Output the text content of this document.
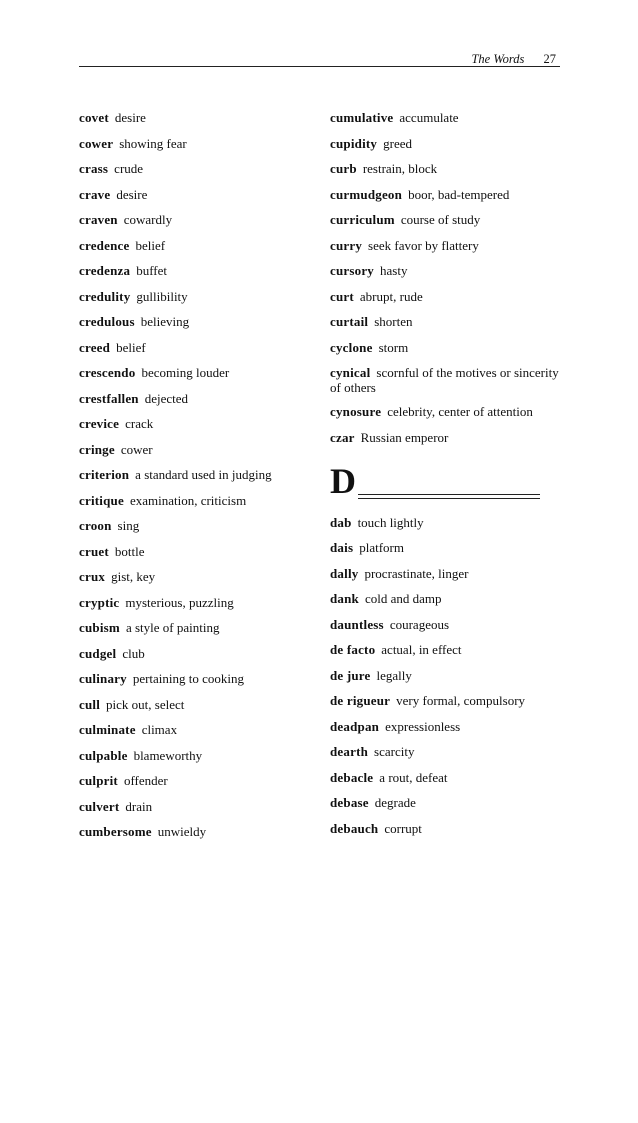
The Words 27
covet desire
cower showing fear
crass crude
crave desire
craven cowardly
credence belief
credenza buffet
credulity gullibility
credulous believing
creed belief
crescendo becoming louder
crestfallen dejected
crevice crack
cringe cower
criterion a standard used in judging
critique examination, criticism
croon sing
cruet bottle
crux gist, key
cryptic mysterious, puzzling
cubism a style of painting
cudgel club
culinary pertaining to cooking
cull pick out, select
culminate climax
culpable blameworthy
culprit offender
culvert drain
cumbersome unwieldy
cumulative accumulate
cupidity greed
curb restrain, block
curmudgeon boor, bad-tempered
curriculum course of study
curry seek favor by flattery
cursory hasty
curt abrupt, rude
curtail shorten
cyclone storm
cynical scornful of the motives or sincerity of others
cynosure celebrity, center of attention
czar Russian emperor
D
dab touch lightly
dais platform
dally procrastinate, linger
dank cold and damp
dauntless courageous
de facto actual, in effect
de jure legally
de rigueur very formal, compulsory
deadpan expressionless
dearth scarcity
debacle a rout, defeat
debase degrade
debauch corrupt
